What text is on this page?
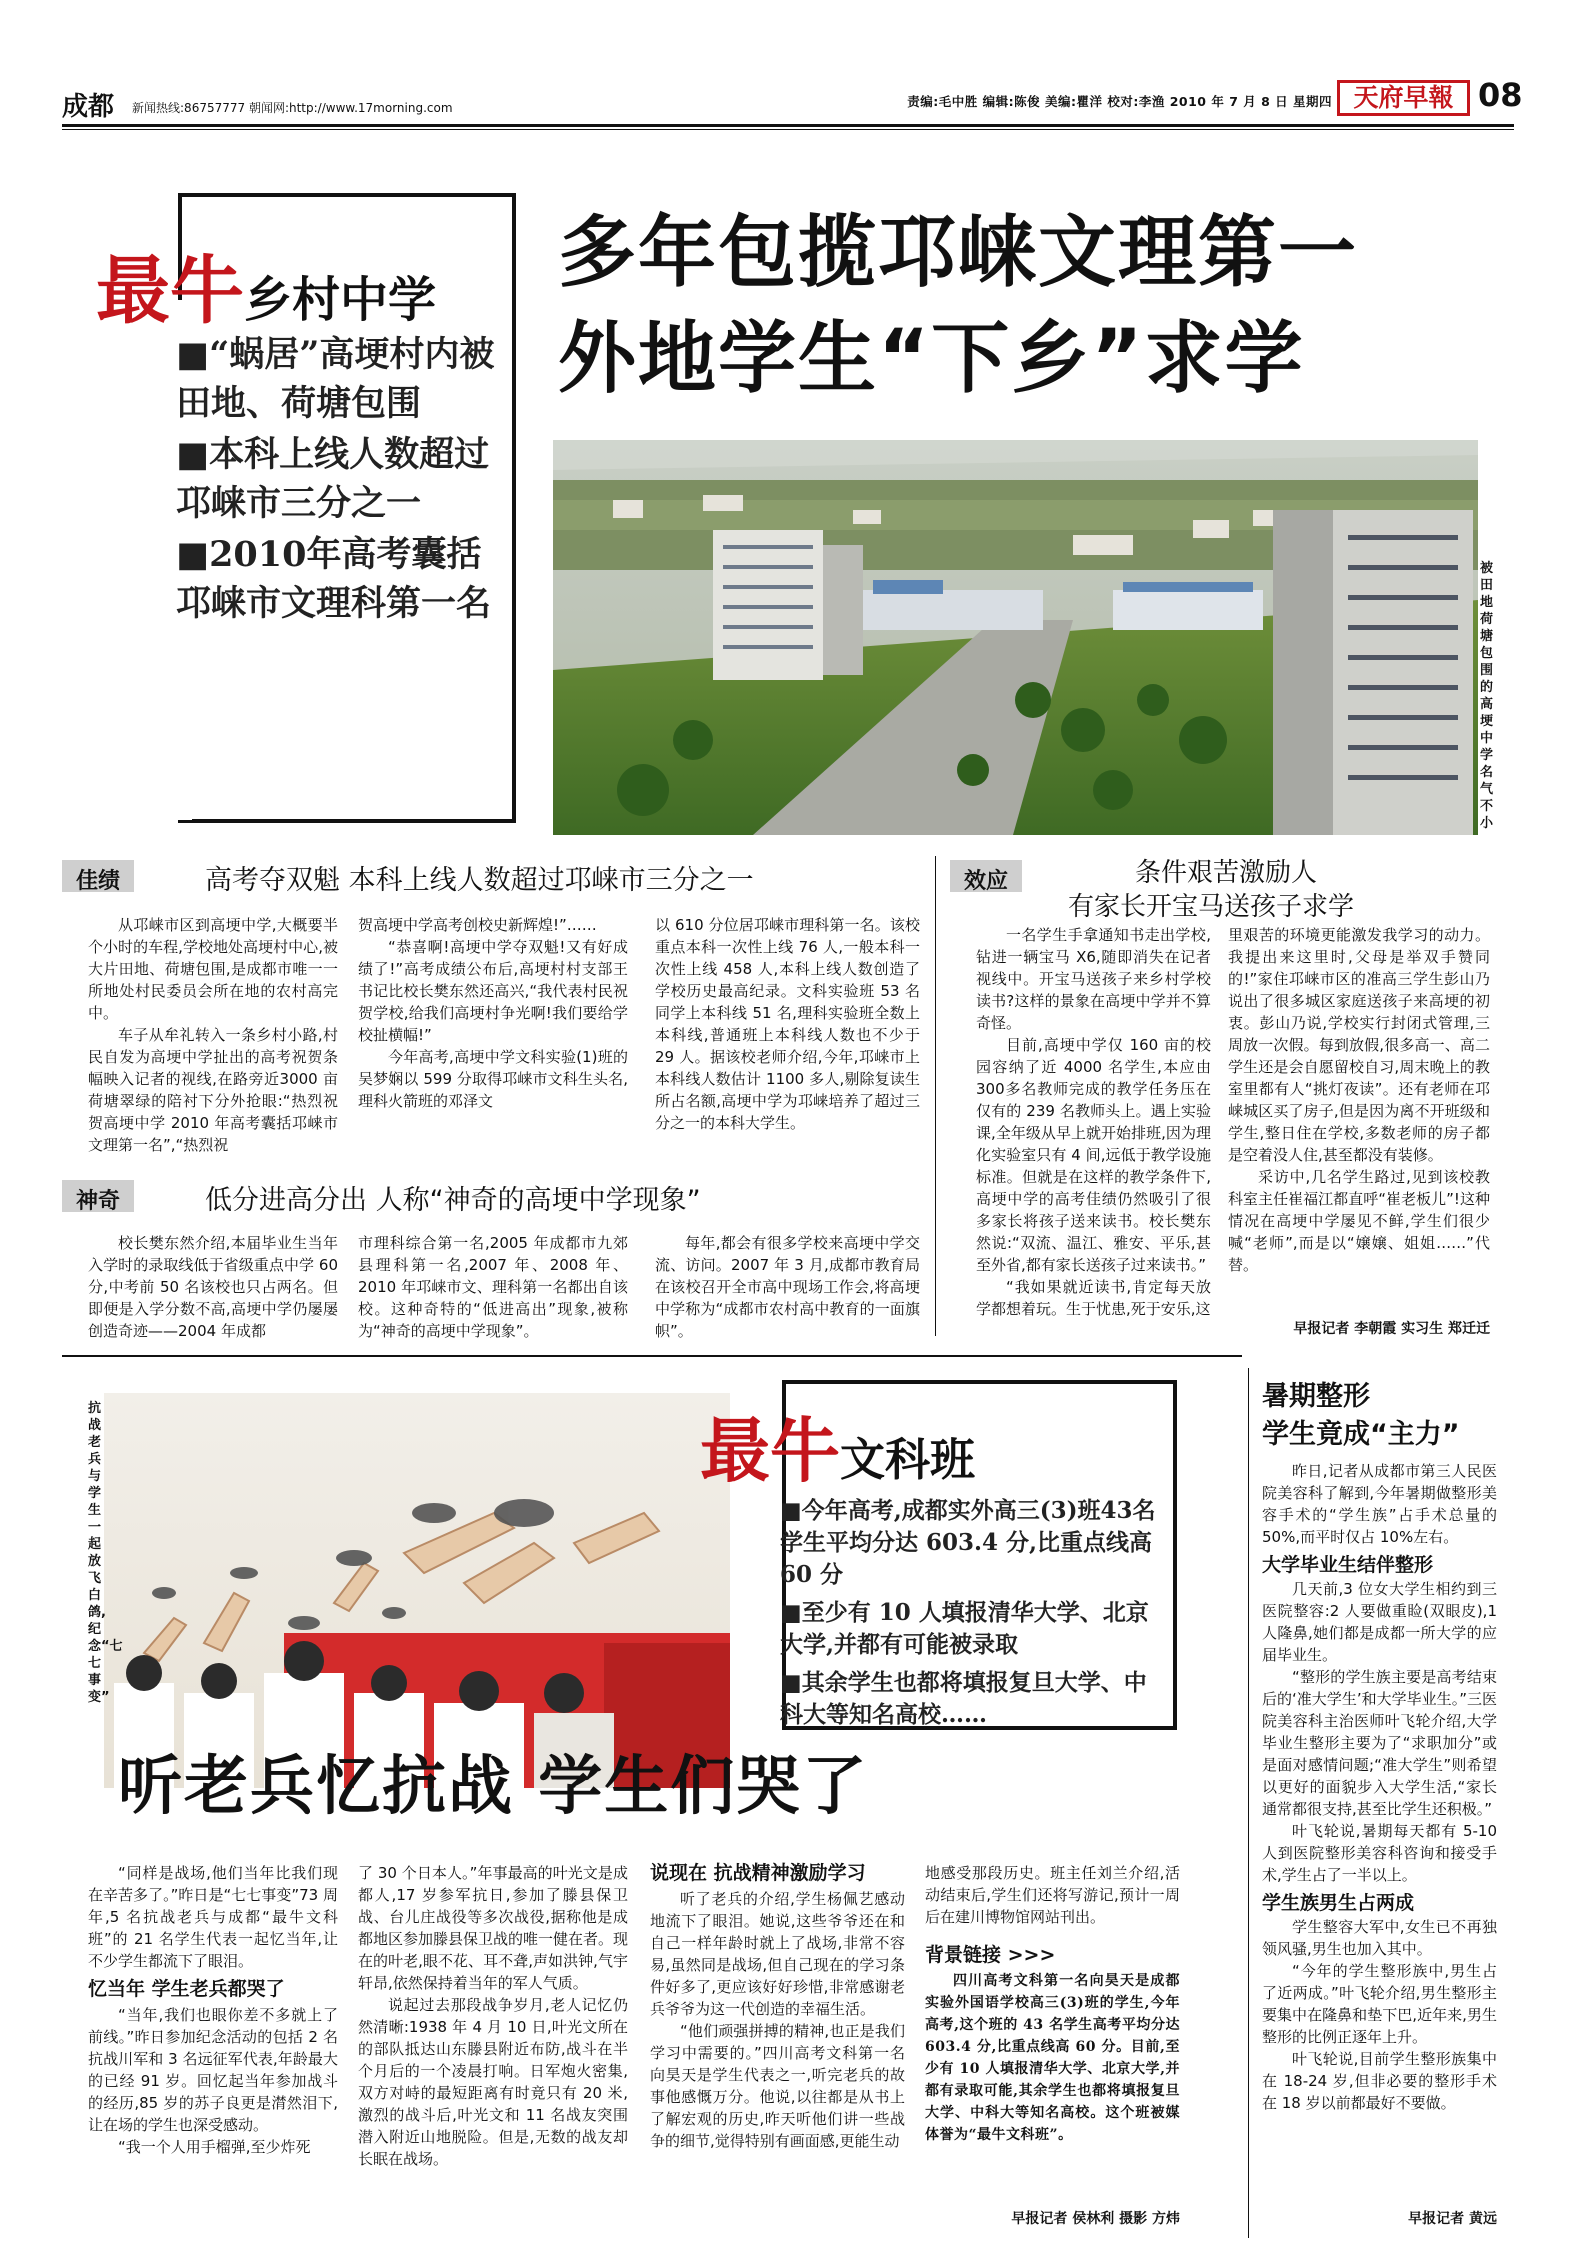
成都 新闻热线:86757777 朝闻网:http://www.17morning.com	责编:毛中胜 编辑:陈俊 美编:瞿洋 校对:李渔 2010 年 7 月 8 日 星期四 天府早報 08
最牛乡村中学

■“蜗居”高埂村内被田地、荷塘包围

■本科上线人数超过邛崃市三分之一

■2010年高考囊括邛崃市文理科第一名

多年包揽邛崃文理第一
外地学生“下乡”求学
被田地荷塘包围的高埂中学名气不小
佳绩	高考夺双魁 本科上线人数超过邛崃市三分之一

从邛崃市区到高埂中学,大概要半个小时的车程,学校地处高埂村中心,被大片田地、荷塘包围,是成都市唯一一所地处村民委员会所在地的农村高完中。

车子从牟礼转入一条乡村小路,村民自发为高埂中学扯出的高考祝贺条幅映入记者的视线,在路旁近3000 亩荷塘翠绿的陪衬下分外抢眼:“热烈祝贺高埂中学 2010 年高考囊括邛崃市文理第一名”,“热烈祝

贺高埂中学高考创校史新辉煌!”……

“恭喜啊!高埂中学夺双魁!又有好成绩了!”高考成绩公布后,高埂村村支部王书记比校长樊东然还高兴,“我代表村民祝贺学校,给我们高埂村争光啊!我们要给学校扯横幅!”

今年高考,高埂中学文科实验(1)班的吴梦娴以 599 分取得邛崃市文科生头名,理科火箭班的邓泽文

以 610 分位居邛崃市理科第一名。该校重点本科一次性上线 76 人,一般本科一次性上线 458 人,本科上线人数创造了学校历史最高纪录。文科实验班 53 名同学上本科线 51 名,理科实验班全数上本科线,普通班上本科线人数也不少于 29 人。据该校老师介绍,今年,邛崃市上本科线人数估计 1100 多人,剔除复读生所占名额,高埂中学为邛崃培养了超过三分之一的本科大学生。

神奇	低分进高分出 人称“神奇的高埂中学现象”

校长樊东然介绍,本届毕业生当年入学时的录取线低于省级重点中学 60 分,中考前 50 名该校也只占两名。但即便是入学分数不高,高埂中学仍屡屡创造奇迹——2004 年成都

市理科综合第一名,2005 年成都市九郊县理科第一名,2007 年、2008 年、2010 年邛崃市文、理科第一名都出自该校。这种奇特的“低进高出”现象,被称为“神奇的高埂中学现象”。

每年,都会有很多学校来高埂中学交流、访问。2007 年 3 月,成都市教育局在该校召开全市高中现场工作会,将高埂中学称为“成都市农村高中教育的一面旗帜”。

效应	条件艰苦激励人
有家长开宝马送孩子求学

一名学生手拿通知书走出学校,钻进一辆宝马 X6,随即消失在记者视线中。开宝马送孩子来乡村学校读书?这样的景象在高埂中学并不算奇怪。

目前,高埂中学仅 160 亩的校园容纳了近 4000 名学生,本应由 300多名教师完成的教学任务压在仅有的 239 名教师头上。遇上实验课,全年级从早上就开始排班,因为理化实验室只有 4 间,远低于教学设施标准。但就是在这样的教学条件下,高埂中学的高考佳绩仍然吸引了很多家长将孩子送来读书。校长樊东然说:“双流、温江、雅安、平乐,甚至外省,都有家长送孩子过来读书。”

“我如果就近读书,肯定每天放学都想着玩。生于忧患,死于安乐,这

里艰苦的环境更能激发我学习的动力。我提出来这里时,父母是举双手赞同的!”家住邛崃市区的准高三学生彭山乃说出了很多城区家庭送孩子来高埂的初衷。彭山乃说,学校实行封闭式管理,三周放一次假。每到放假,很多高一、高二学生还是会自愿留校自习,周末晚上的教室里都有人“挑灯夜读”。还有老师在邛崃城区买了房子,但是因为离不开班级和学生,整日住在学校,多数老师的房子都是空着没人住,甚至都没有装修。

采访中,几名学生路过,见到该校教科室主任崔福江都直呼“崔老板儿”!这种情况在高埂中学屡见不鲜,学生们很少喊“老师”,而是以“嬢嬢、姐姐……”代替。

早报记者 李朝霞 实习生 郑迁迁
抗战老兵与学生一起放飞白鸽,纪念“七七事变”
最牛文科班

■今年高考,成都实外高三(3)班43名学生平均分达 603.4 分,比重点线高 60 分

■至少有 10 人填报清华大学、北京大学,并都有可能被录取

■其余学生也都将填报复旦大学、中科大等知名高校……

听老兵忆抗战 学生们哭了

“同样是战场,他们当年比我们现在辛苦多了。”昨日是“七七事变”73 周年,5 名抗战老兵与成都“最牛文科班”的 21 名学生代表一起忆当年,让不少学生都流下了眼泪。

忆当年 学生老兵都哭了

“当年,我们也眼你差不多就上了前线。”昨日参加纪念活动的包括 2 名抗战川军和 3 名远征军代表,年龄最大的已经 91 岁。回忆起当年参加战斗的经历,85 岁的苏子良更是潸然泪下,让在场的学生也深受感动。

“我一个人用手榴弹,至少炸死

了 30 个日本人。”年事最高的叶光文是成都人,17 岁参军抗日,参加了滕县保卫战、台儿庄战役等多次战役,据称他是成都地区参加滕县保卫战的唯一健在者。现在的叶老,眼不花、耳不聋,声如洪钟,气宇轩昂,依然保持着当年的军人气质。

说起过去那段战争岁月,老人记忆仍然清晰:1938 年 4 月 10 日,叶光文所在的部队抵达山东滕县附近布防,战斗在半个月后的一个凌晨打响。日军炮火密集,双方对峙的最短距离有时竟只有 20 米,激烈的战斗后,叶光文和 11 名战友突围潜入附近山地脱险。但是,无数的战友却长眠在战场。

说现在 抗战精神激励学习

听了老兵的介绍,学生杨佩艺感动地流下了眼泪。她说,这些爷爷还在和自己一样年龄时就上了战场,非常不容易,虽然同是战场,但自己现在的学习条件好多了,更应该好好珍惜,非常感谢老兵爷爷为这一代创造的幸福生活。

“他们顽强拼搏的精神,也正是我们学习中需要的。”四川高考文科第一名向昊天是学生代表之一,听完老兵的故事他感慨万分。他说,以往都是从书上了解宏观的历史,昨天听他们讲一些战争的细节,觉得特别有画面感,更能生动

地感受那段历史。班主任刘兰介绍,活动结束后,学生们还将写游记,预计一周后在建川博物馆网站刊出。

背景链接 >>>

四川高考文科第一名向昊天是成都实验外国语学校高三(3)班的学生,今年高考,这个班的 43 名学生高考平均分达 603.4 分,比重点线高 60 分。目前,至少有 10 人填报清华大学、北京大学,并都有录取可能,其余学生也都将填报复旦大学、中科大等知名高校。这个班被媒体誉为“最牛文科班”。

早报记者 侯林利 摄影 方炜
暑期整形
学生竟成“主力”

昨日,记者从成都市第三人民医院美容科了解到,今年暑期做整形美容手术的“学生族”占手术总量的 50%,而平时仅占 10%左右。

大学毕业生结伴整形

几天前,3 位女大学生相约到三医院整容:2 人要做重睑(双眼皮),1 人隆鼻,她们都是成都一所大学的应届毕业生。

“整形的学生族主要是高考结束后的‘准大学生’和大学毕业生。”三医院美容科主治医师叶飞轮介绍,大学毕业生整形主要为了“求职加分”或是面对感情问题;“准大学生”则希望以更好的面貌步入大学生活,“家长通常都很支持,甚至比学生还积极。”

叶飞轮说,暑期每天都有 5-10 人到医院整形美容科咨询和接受手术,学生占了一半以上。

学生族男生占两成

学生整容大军中,女生已不再独领风骚,男生也加入其中。

“今年的学生整形族中,男生占了近两成。”叶飞轮介绍,男生整形主要集中在隆鼻和垫下巴,近年来,男生整形的比例正逐年上升。

叶飞轮说,目前学生整形族集中在 18-24 岁,但非必要的整形手术在 18 岁以前都最好不要做。

早报记者 黄远
